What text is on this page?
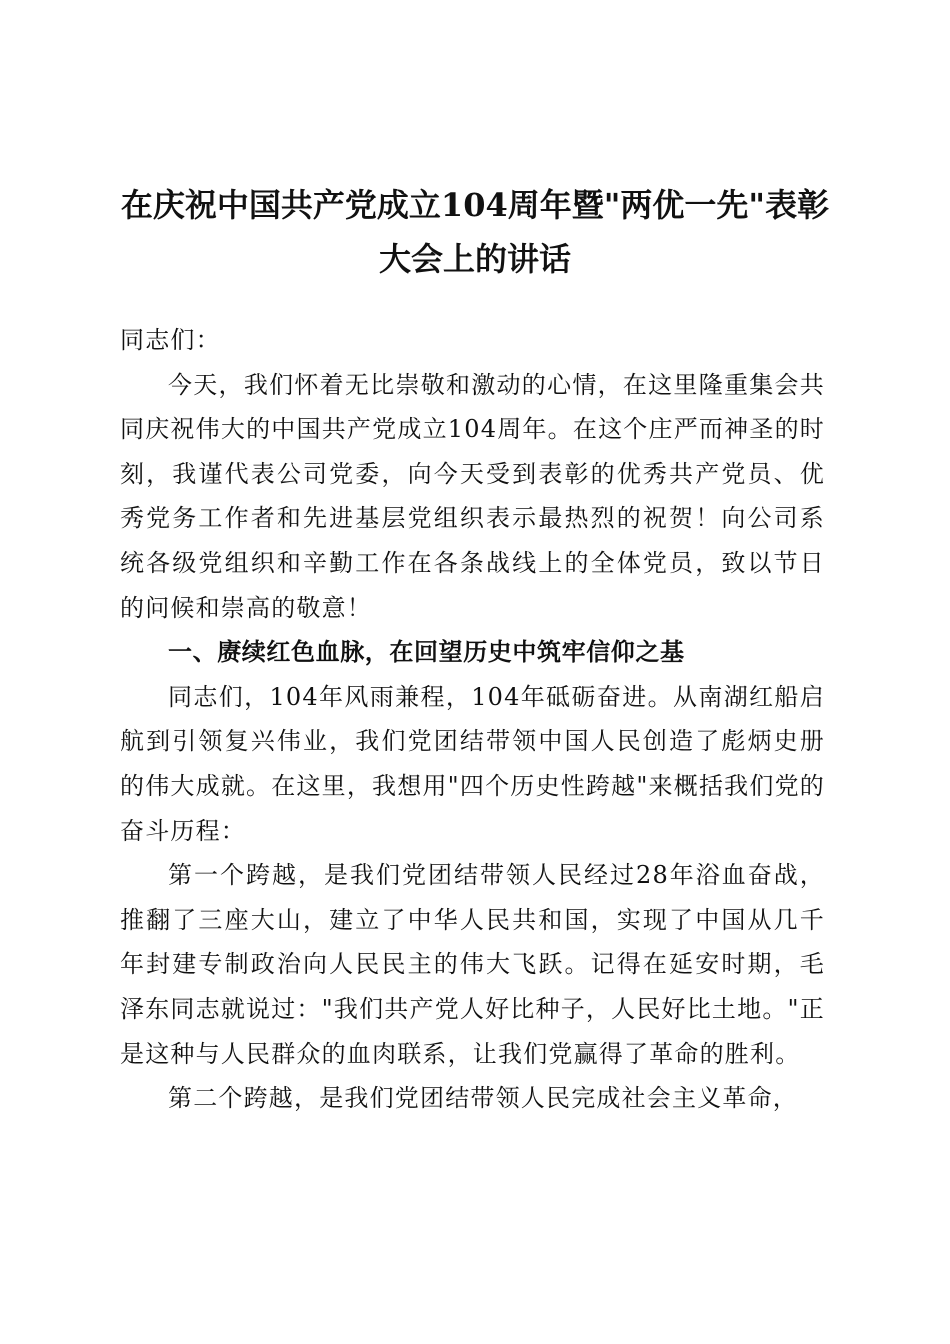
在庆祝中国共产党成立104周年暨"两优一先"表彰大会上的讲话

同志们：

今天，我们怀着无比崇敬和激动的心情，在这里隆重集会共同庆祝伟大的中国共产党成立104周年。在这个庄严而神圣的时刻，我谨代表公司党委，向今天受到表彰的优秀共产党员、优秀党务工作者和先进基层党组织表示最热烈的祝贺！向公司系统各级党组织和辛勤工作在各条战线上的全体党员，致以节日的问候和崇高的敬意！

一、赓续红色血脉，在回望历史中筑牢信仰之基

同志们，104年风雨兼程，104年砥砺奋进。从南湖红船启航到引领复兴伟业，我们党团结带领中国人民创造了彪炳史册的伟大成就。在这里，我想用"四个历史性跨越"来概括我们党的奋斗历程：

第一个跨越，是我们党团结带领人民经过28年浴血奋战，推翻了三座大山，建立了中华人民共和国，实现了中国从几千年封建专制政治向人民民主的伟大飞跃。记得在延安时期，毛泽东同志就说过："我们共产党人好比种子，人民好比土地。"正是这种与人民群众的血肉联系，让我们党赢得了革命的胜利。

第二个跨越，是我们党团结带领人民完成社会主义革命，
